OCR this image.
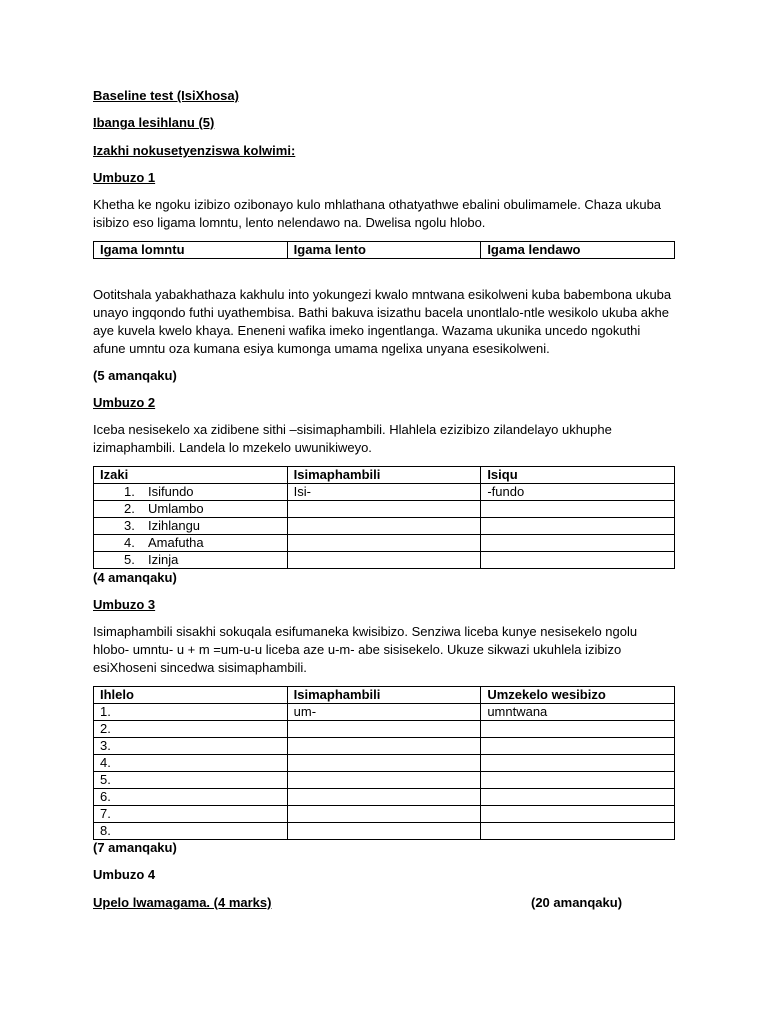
Baseline test (IsiXhosa)
Ibanga lesihlanu (5)
Izakhi nokusetyenziswa kolwimi:
Umbuzo 1
Khetha ke ngoku izibizo ozibonayo kulo mhlathana othatyathwe ebalini obulimamele. Chaza ukuba isibizo eso ligama lomntu, lento nelendawo na. Dwelisa ngolu hlobo.
Igama lomntu	Igama lento	Igama lendawo
Ootitshala yabakhathaza kakhulu into yokungezi kwalo mntwana esikolweni kuba babembona ukuba unayo ingqondo futhi uyathembisa. Bathi bakuva isizathu bacela unontlalo-ntle wesikolo ukuba akhe aye kuvela kwelo khaya. Eneneni wafika imeko ingentlanga. Wazama ukunika uncedo ngokuthi afune umntu oza kumana esiya kumonga umama ngelixa unyana esesikolweni.
(5 amanqaku)
Umbuzo 2
Iceba nesisekelo xa zidibene sithi –sisimaphambili. Hlahlela ezizibizo zilandelayo ukhuphe izimaphambili. Landela lo mzekelo uwunikiweyo.
Izaki	Isimaphambili	Isiqu
1. Isifundo	Isi-	-fundo
2. Umlambo		
3. Izihlangu		
4. Amafutha		
5. Izinja		
(4 amanqaku)
Umbuzo 3
Isimaphambili sisakhi sokuqala esifumaneka kwisibizo. Senziwa liceba kunye nesisekelo ngolu hlobo- umntu- u + m =um-u-u liceba aze u-m- abe sisisekelo. Ukuze sikwazi ukuhlela izibizo esiXhoseni sincedwa sisimaphambili.
Ihlelo	Isimaphambili	Umzekelo wesibizo
1.	um-	umntwana
2.		
3.		
4.		
5.		
6.		
7.		
8.		
(7 amanqaku)
Umbuzo 4
Upelo lwamagama. (4 marks)	(20 amanqaku)
